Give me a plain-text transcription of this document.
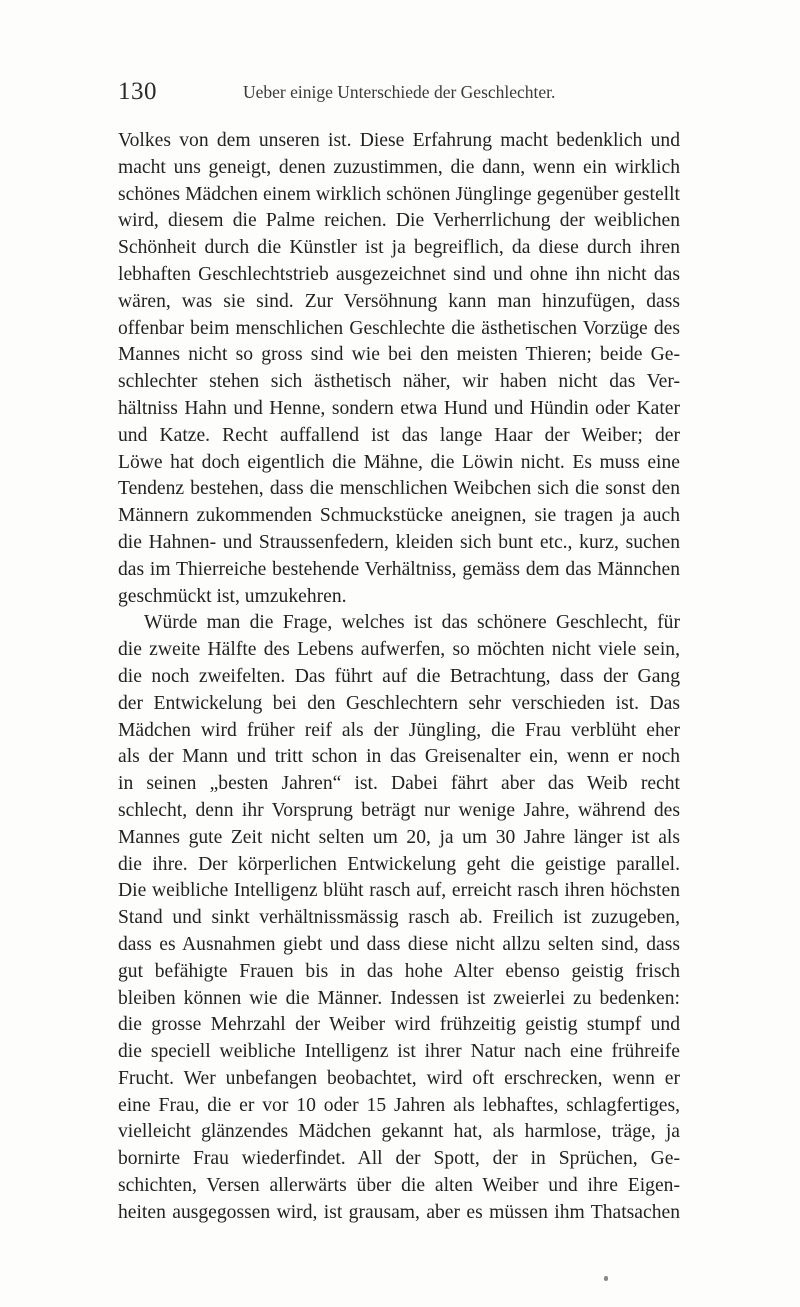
130	Ueber einige Unterschiede der Geschlechter.
Volkes von dem unseren ist. Diese Erfahrung macht bedenklich und
macht uns geneigt, denen zuzustimmen, die dann, wenn ein wirklich
schönes Mädchen einem wirklich schönen Jünglinge gegenüber gestellt
wird, diesem die Palme reichen. Die Verherrlichung der weiblichen
Schönheit durch die Künstler ist ja begreiflich, da diese durch ihren
lebhaften Geschlechtstrieb ausgezeichnet sind und ohne ihn nicht das
wären, was sie sind. Zur Versöhnung kann man hinzufügen, dass
offenbar beim menschlichen Geschlechte die ästhetischen Vorzüge des
Mannes nicht so gross sind wie bei den meisten Thieren; beide Ge-
schlechter stehen sich ästhetisch näher, wir haben nicht das Ver-
hältniss Hahn und Henne, sondern etwa Hund und Hündin oder Kater
und Katze. Recht auffallend ist das lange Haar der Weiber; der
Löwe hat doch eigentlich die Mähne, die Löwin nicht. Es muss eine
Tendenz bestehen, dass die menschlichen Weibchen sich die sonst den
Männern zukommenden Schmuckstücke aneignen, sie tragen ja auch
die Hahnen- und Straussenfedern, kleiden sich bunt etc., kurz, suchen
das im Thierreiche bestehende Verhältniss, gemäss dem das Männchen
geschmückt ist, umzukehren.
Würde man die Frage, welches ist das schönere Geschlecht, für
die zweite Hälfte des Lebens aufwerfen, so möchten nicht viele sein,
die noch zweifelten. Das führt auf die Betrachtung, dass der Gang
der Entwickelung bei den Geschlechtern sehr verschieden ist. Das
Mädchen wird früher reif als der Jüngling, die Frau verblüht eher
als der Mann und tritt schon in das Greisenalter ein, wenn er noch
in seinen „besten Jahren“ ist. Dabei fährt aber das Weib recht
schlecht, denn ihr Vorsprung beträgt nur wenige Jahre, während des
Mannes gute Zeit nicht selten um 20, ja um 30 Jahre länger ist als
die ihre. Der körperlichen Entwickelung geht die geistige parallel.
Die weibliche Intelligenz blüht rasch auf, erreicht rasch ihren höchsten
Stand und sinkt verhältnissmässig rasch ab. Freilich ist zuzugeben,
dass es Ausnahmen giebt und dass diese nicht allzu selten sind, dass
gut befähigte Frauen bis in das hohe Alter ebenso geistig frisch
bleiben können wie die Männer. Indessen ist zweierlei zu bedenken:
die grosse Mehrzahl der Weiber wird frühzeitig geistig stumpf und
die speciell weibliche Intelligenz ist ihrer Natur nach eine frühreife
Frucht. Wer unbefangen beobachtet, wird oft erschrecken, wenn er
eine Frau, die er vor 10 oder 15 Jahren als lebhaftes, schlagfertiges,
vielleicht glänzendes Mädchen gekannt hat, als harmlose, träge, ja
bornirte Frau wiederfindet. All der Spott, der in Sprüchen, Ge-
schichten, Versen allerwärts über die alten Weiber und ihre Eigen-
heiten ausgegossen wird, ist grausam, aber es müssen ihm Thatsachen
